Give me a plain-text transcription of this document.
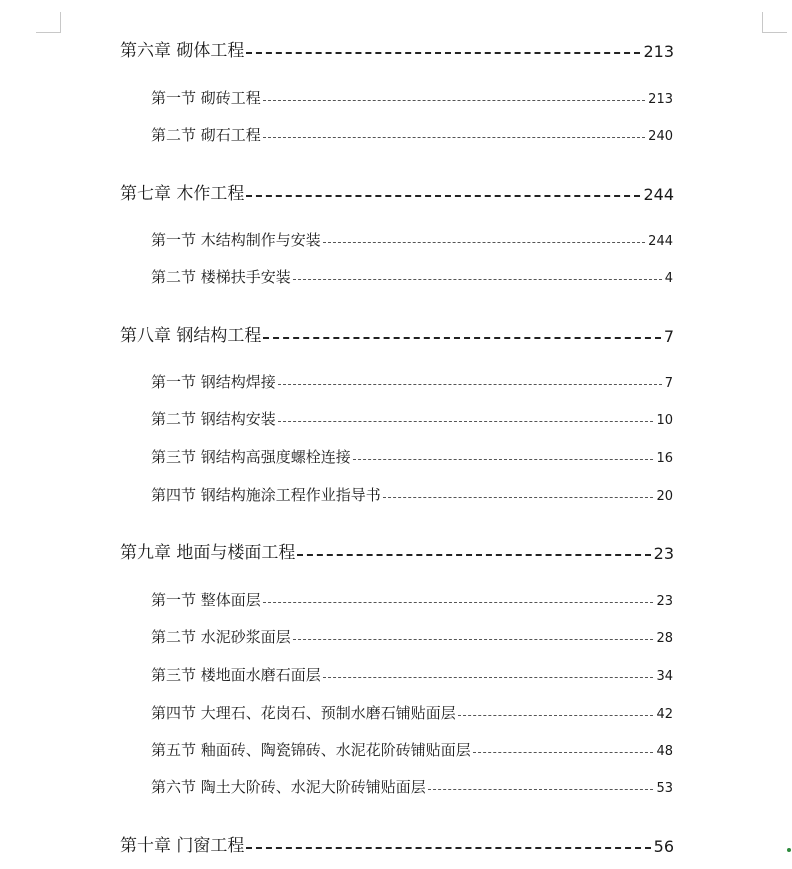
第六章 砌体工程	213
第一节 砌砖工程	213
第二节 砌石工程	240
第七章 木作工程	244
第一节 木结构制作与安装	244
第二节 楼梯扶手安装	4
第八章 钢结构工程	7
第一节 钢结构焊接	7
第二节 钢结构安装	10
第三节 钢结构高强度螺栓连接	16
第四节 钢结构施涂工程作业指导书	20
第九章 地面与楼面工程	23
第一节 整体面层	23
第二节 水泥砂浆面层	28
第三节 楼地面水磨石面层	34
第四节 大理石、花岗石、预制水磨石铺贴面层	42
第五节 釉面砖、陶瓷锦砖、水泥花阶砖铺贴面层	48
第六节 陶土大阶砖、水泥大阶砖铺贴面层	53
第十章 门窗工程	56
